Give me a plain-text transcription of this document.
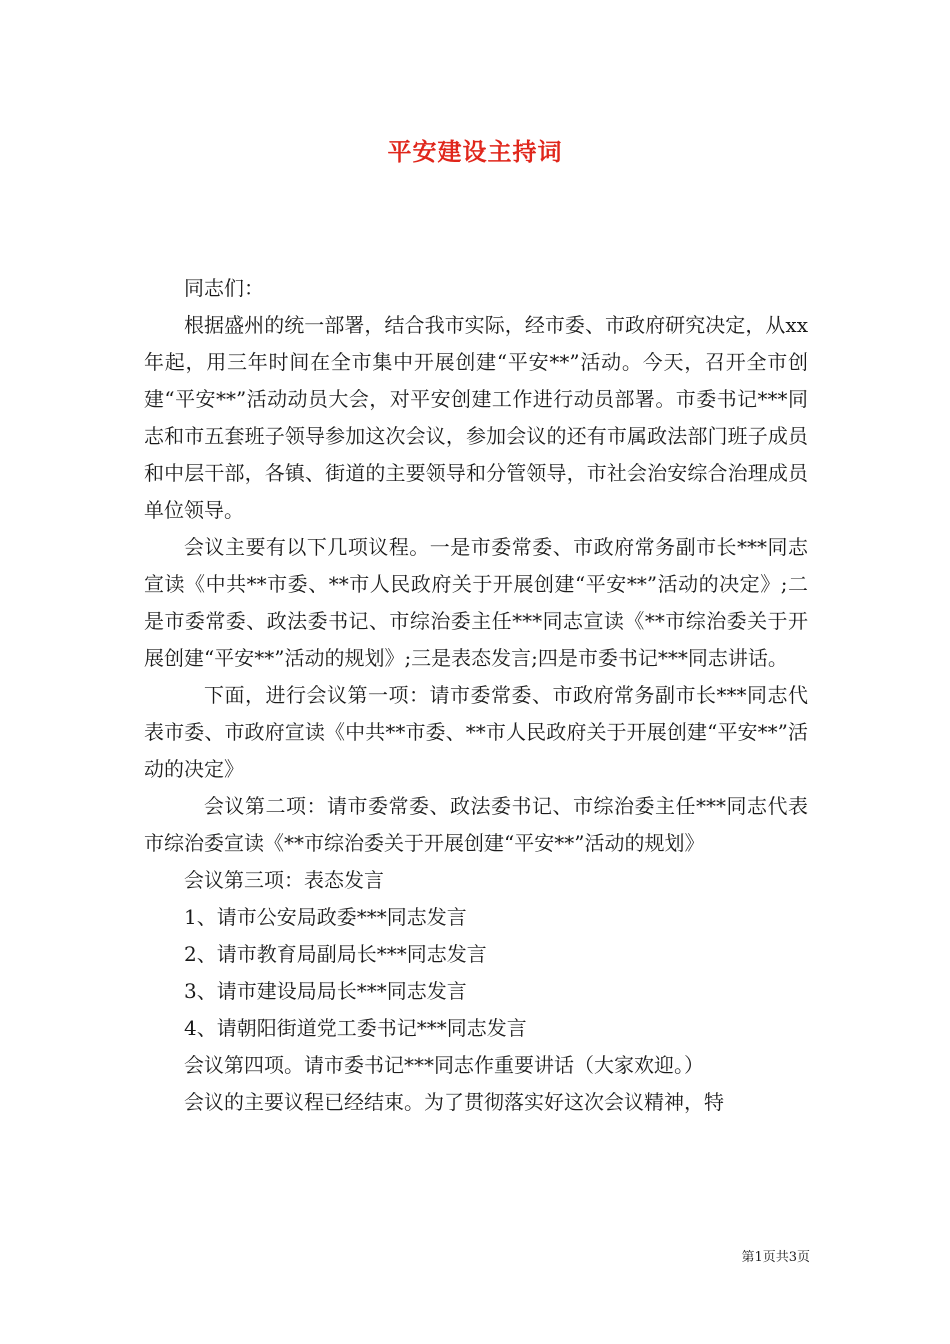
平安建设主持词

同志们：

根据盛州的统一部署，结合我市实际，经市委、市政府研究决定，从xx年起，用三年时间在全市集中开展创建“平安**”活动。今天，召开全市创建“平安**”活动动员大会，对平安创建工作进行动员部署。市委书记***同志和市五套班子领导参加这次会议，参加会议的还有市属政法部门班子成员和中层干部，各镇、街道的主要领导和分管领导，市社会治安综合治理成员单位领导。

会议主要有以下几项议程。一是市委常委、市政府常务副市长***同志宣读《中共**市委、**市人民政府关于开展创建“平安**”活动的决定》;二是市委常委、政法委书记、市综治委主任***同志宣读《**市综治委关于开展创建“平安**”活动的规划》;三是表态发言;四是市委书记***同志讲话。

下面，进行会议第一项：请市委常委、市政府常务副市长***同志代表市委、市政府宣读《中共**市委、**市人民政府关于开展创建“平安**”活动的决定》

会议第二项：请市委常委、政法委书记、市综治委主任***同志代表市综治委宣读《**市综治委关于开展创建“平安**”活动的规划》

会议第三项：表态发言

1、请市公安局政委***同志发言

2、请市教育局副局长***同志发言

3、请市建设局局长***同志发言

4、请朝阳街道党工委书记***同志发言

会议第四项。请市委书记***同志作重要讲话（大家欢迎。）

会议的主要议程已经结束。为了贯彻落实好这次会议精神，特

第1页共3页
